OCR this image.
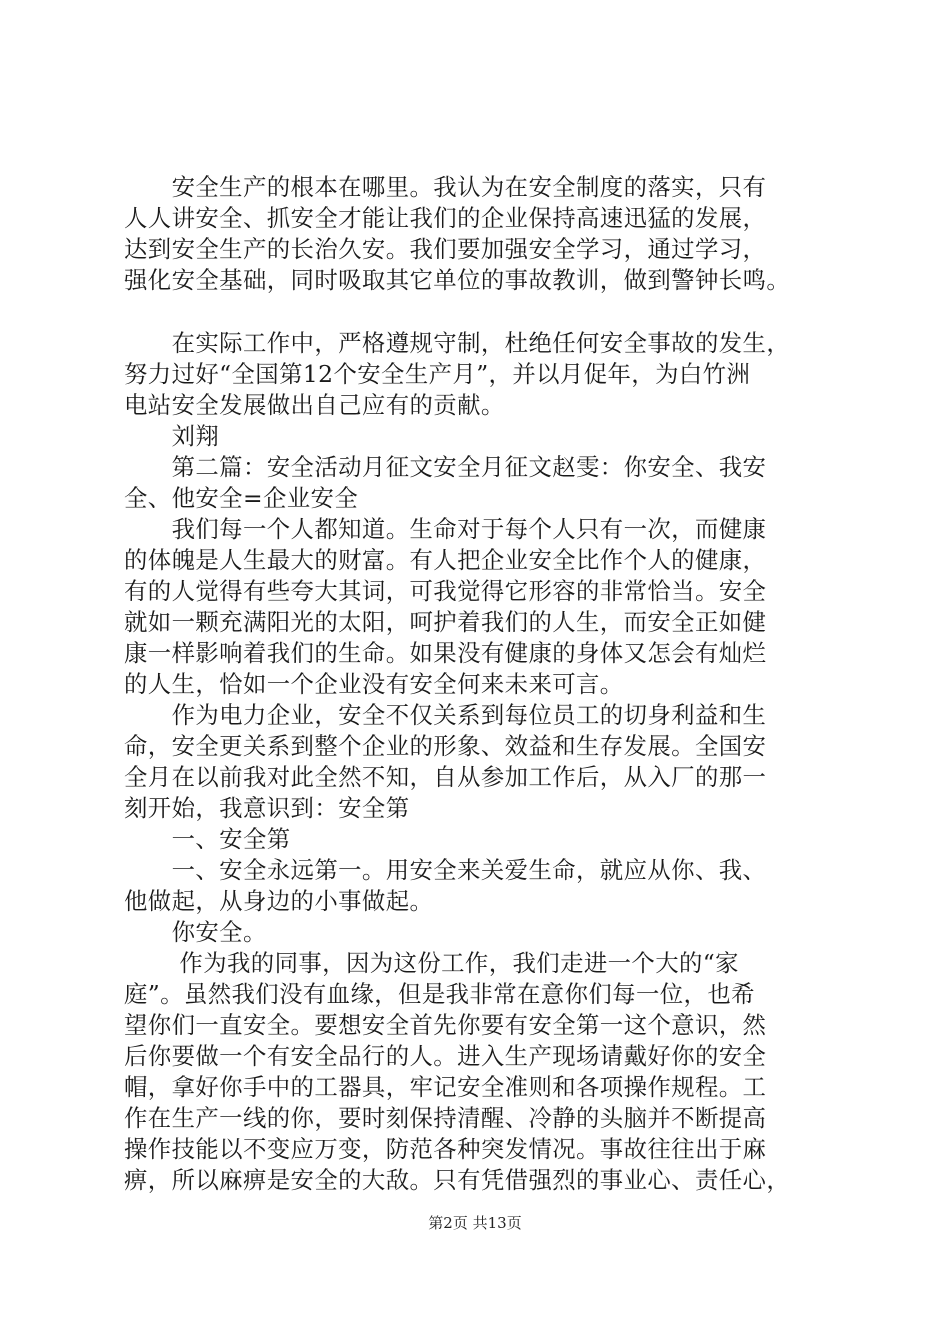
　　安全生产的根本在哪里。我认为在安全制度的落实，只有
人人讲安全、抓安全才能让我们的企业保持高速迅猛的发展，
达到安全生产的长治久安。我们要加强安全学习，通过学习，
强化安全基础，同时吸取其它单位的事故教训，做到警钟长鸣。
　　在实际工作中，严格遵规守制，杜绝任何安全事故的发生，
努力过好“全国第12个安全生产月”，并以月促年，为白竹洲
电站安全发展做出自己应有的贡献。
　　刘翔
　　第二篇：安全活动月征文安全月征文赵雯：你安全、我安
全、他安全=企业安全
　　我们每一个人都知道。生命对于每个人只有一次，而健康
的体魄是人生最大的财富。有人把企业安全比作个人的健康，
有的人觉得有些夸大其词，可我觉得它形容的非常恰当。安全
就如一颗充满阳光的太阳，呵护着我们的人生，而安全正如健
康一样影响着我们的生命。如果没有健康的身体又怎会有灿烂
的人生，恰如一个企业没有安全何来未来可言。
　　作为电力企业，安全不仅关系到每位员工的切身利益和生
命，安全更关系到整个企业的形象、效益和生存发展。全国安
全月在以前我对此全然不知，自从参加工作后，从入厂的那一
刻开始，我意识到：安全第
　　一、安全第
　　一、安全永远第一。用安全来关爱生命，就应从你、我、
他做起，从身边的小事做起。
　　你安全。
　　 作为我的同事，因为这份工作，我们走进一个大的“家
庭”。虽然我们没有血缘，但是我非常在意你们每一位，也希
望你们一直安全。要想安全首先你要有安全第一这个意识，然
后你要做一个有安全品行的人。进入生产现场请戴好你的安全
帽，拿好你手中的工器具，牢记安全准则和各项操作规程。工
作在生产一线的你，要时刻保持清醒、冷静的头脑并不断提高
操作技能以不变应万变，防范各种突发情况。事故往往出于麻
痹，所以麻痹是安全的大敌。只有凭借强烈的事业心、责任心，
第2页 共13页
